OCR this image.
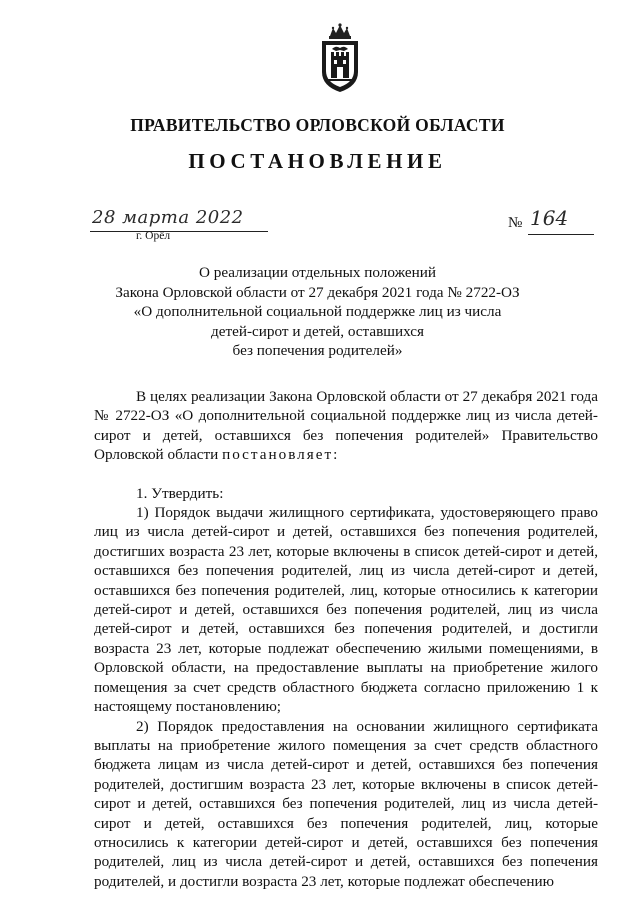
ПРАВИТЕЛЬСТВО ОРЛОВСКОЙ ОБЛАСТИ
ПОСТАНОВЛЕНИЕ
28 марта 2022
г. Орёл
№ 164
О реализации отдельных положений
Закона Орловской области от 27 декабря 2021 года № 2722-ОЗ
«О дополнительной социальной поддержке лиц из числа
детей-сирот и детей, оставшихся
без попечения родителей»

В целях реализации Закона Орловской области от 27 декабря 2021 года № 2722-ОЗ «О дополнительной социальной поддержке лиц из числа детей-сирот и детей, оставшихся без попечения родителей» Правительство Орловской области постановляет:

1. Утвердить:

1) Порядок выдачи жилищного сертификата, удостоверяющего право лиц из числа детей-сирот и детей, оставшихся без попечения родителей, достигших возраста 23 лет, которые включены в список детей-сирот и детей, оставшихся без попечения родителей, лиц из числа детей-сирот и детей, оставшихся без попечения родителей, лиц, которые относились к категории детей-сирот и детей, оставшихся без попечения родителей, лиц из числа детей-сирот и детей, оставшихся без попечения родителей, и достигли возраста 23 лет, которые подлежат обеспечению жилыми помещениями, в Орловской области, на предоставление выплаты на приобретение жилого помещения за счет средств областного бюджета согласно приложению 1 к настоящему постановлению;

2) Порядок предоставления на основании жилищного сертификата выплаты на приобретение жилого помещения за счет средств областного бюджета лицам из числа детей-сирот и детей, оставшихся без попечения родителей, достигшим возраста 23 лет, которые включены в список детей-сирот и детей, оставшихся без попечения родителей, лиц из числа детей-сирот и детей, оставшихся без попечения родителей, лиц, которые относились к категории детей-сирот и детей, оставшихся без попечения родителей, лиц из числа детей-сирот и детей, оставшихся без попечения родителей, и достигли возраста 23 лет, которые подлежат обеспечению
